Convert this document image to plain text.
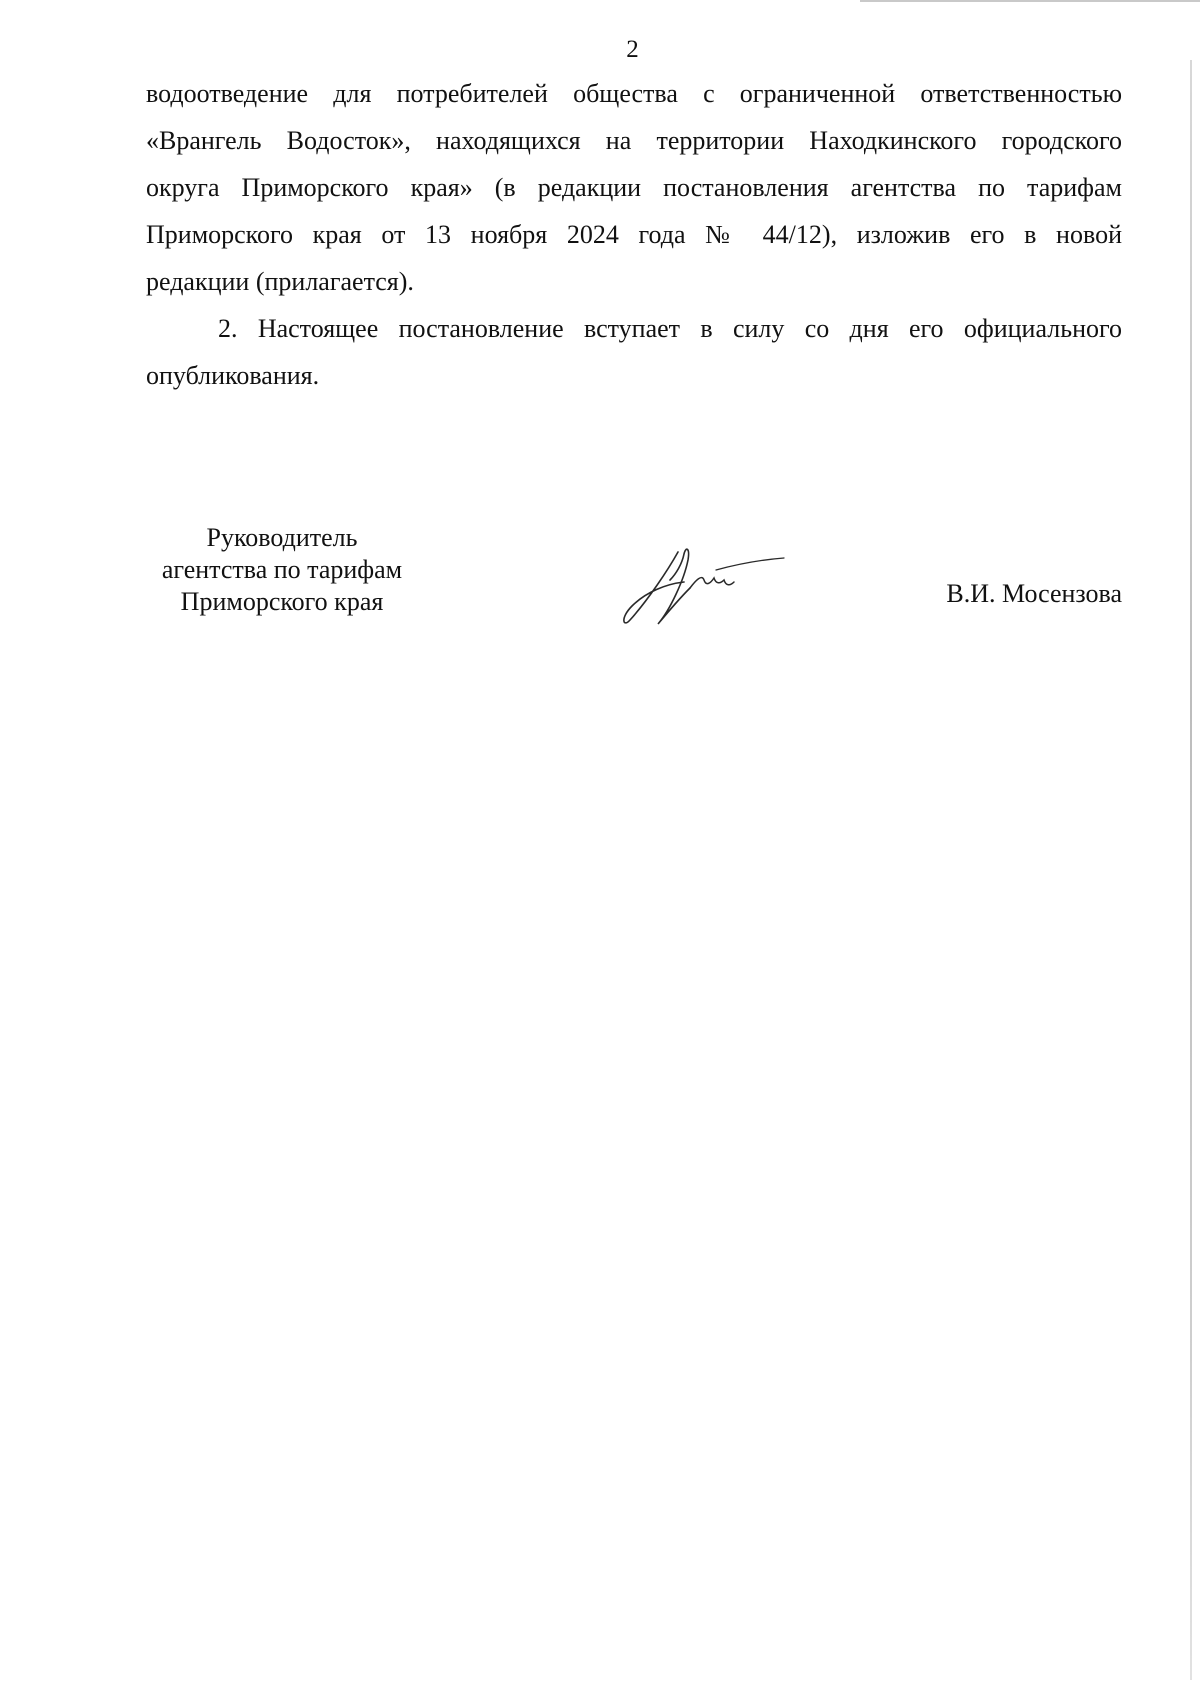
2
водоотведение для потребителей общества с ограниченной ответственностью
«Врангель Водосток», находящихся на территории Находкинского городского
округа Приморского края» (в редакции постановления агентства по тарифам
Приморского края от 13 ноября 2024 года № 44/12), изложив его в новой
редакции (прилагается).
2. Настоящее постановление вступает в силу со дня его официального
опубликования.
Руководитель
агентства по тарифам
Приморского края	В.И. Мосензова
